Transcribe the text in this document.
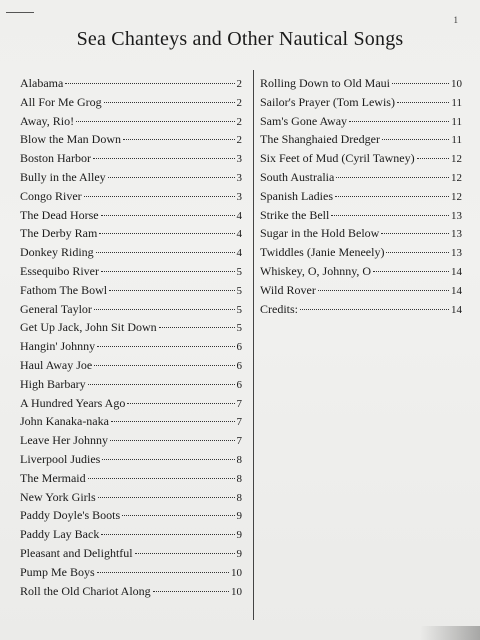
1
Sea Chanteys and Other Nautical Songs
Alabama	2
All For Me Grog	2
Away, Rio!	2
Blow the Man Down	2
Boston Harbor	3
Bully in the Alley	3
Congo River	3
The Dead Horse	4
The Derby Ram	4
Donkey Riding	4
Essequibo River	5
Fathom The Bowl	5
General Taylor	5
Get Up Jack, John Sit Down	5
Hangin' Johnny	6
Haul Away Joe	6
High Barbary	6
A Hundred Years Ago	7
John Kanaka-naka	7
Leave Her Johnny	7
Liverpool Judies	8
The Mermaid	8
New York Girls	8
Paddy Doyle's Boots	9
Paddy Lay Back	9
Pleasant and Delightful	9
Pump Me Boys	10
Roll the Old Chariot Along	10
Rolling Down to Old Maui	10
Sailor's Prayer (Tom Lewis)	11
Sam's Gone Away	11
The Shanghaied Dredger	11
Six Feet of Mud (Cyril Tawney)	12
South Australia	12
Spanish Ladies	12
Strike the Bell	13
Sugar in the Hold Below	13
Twiddles (Janie Meneely)	13
Whiskey, O, Johnny, O	14
Wild Rover	14
Credits:	14
